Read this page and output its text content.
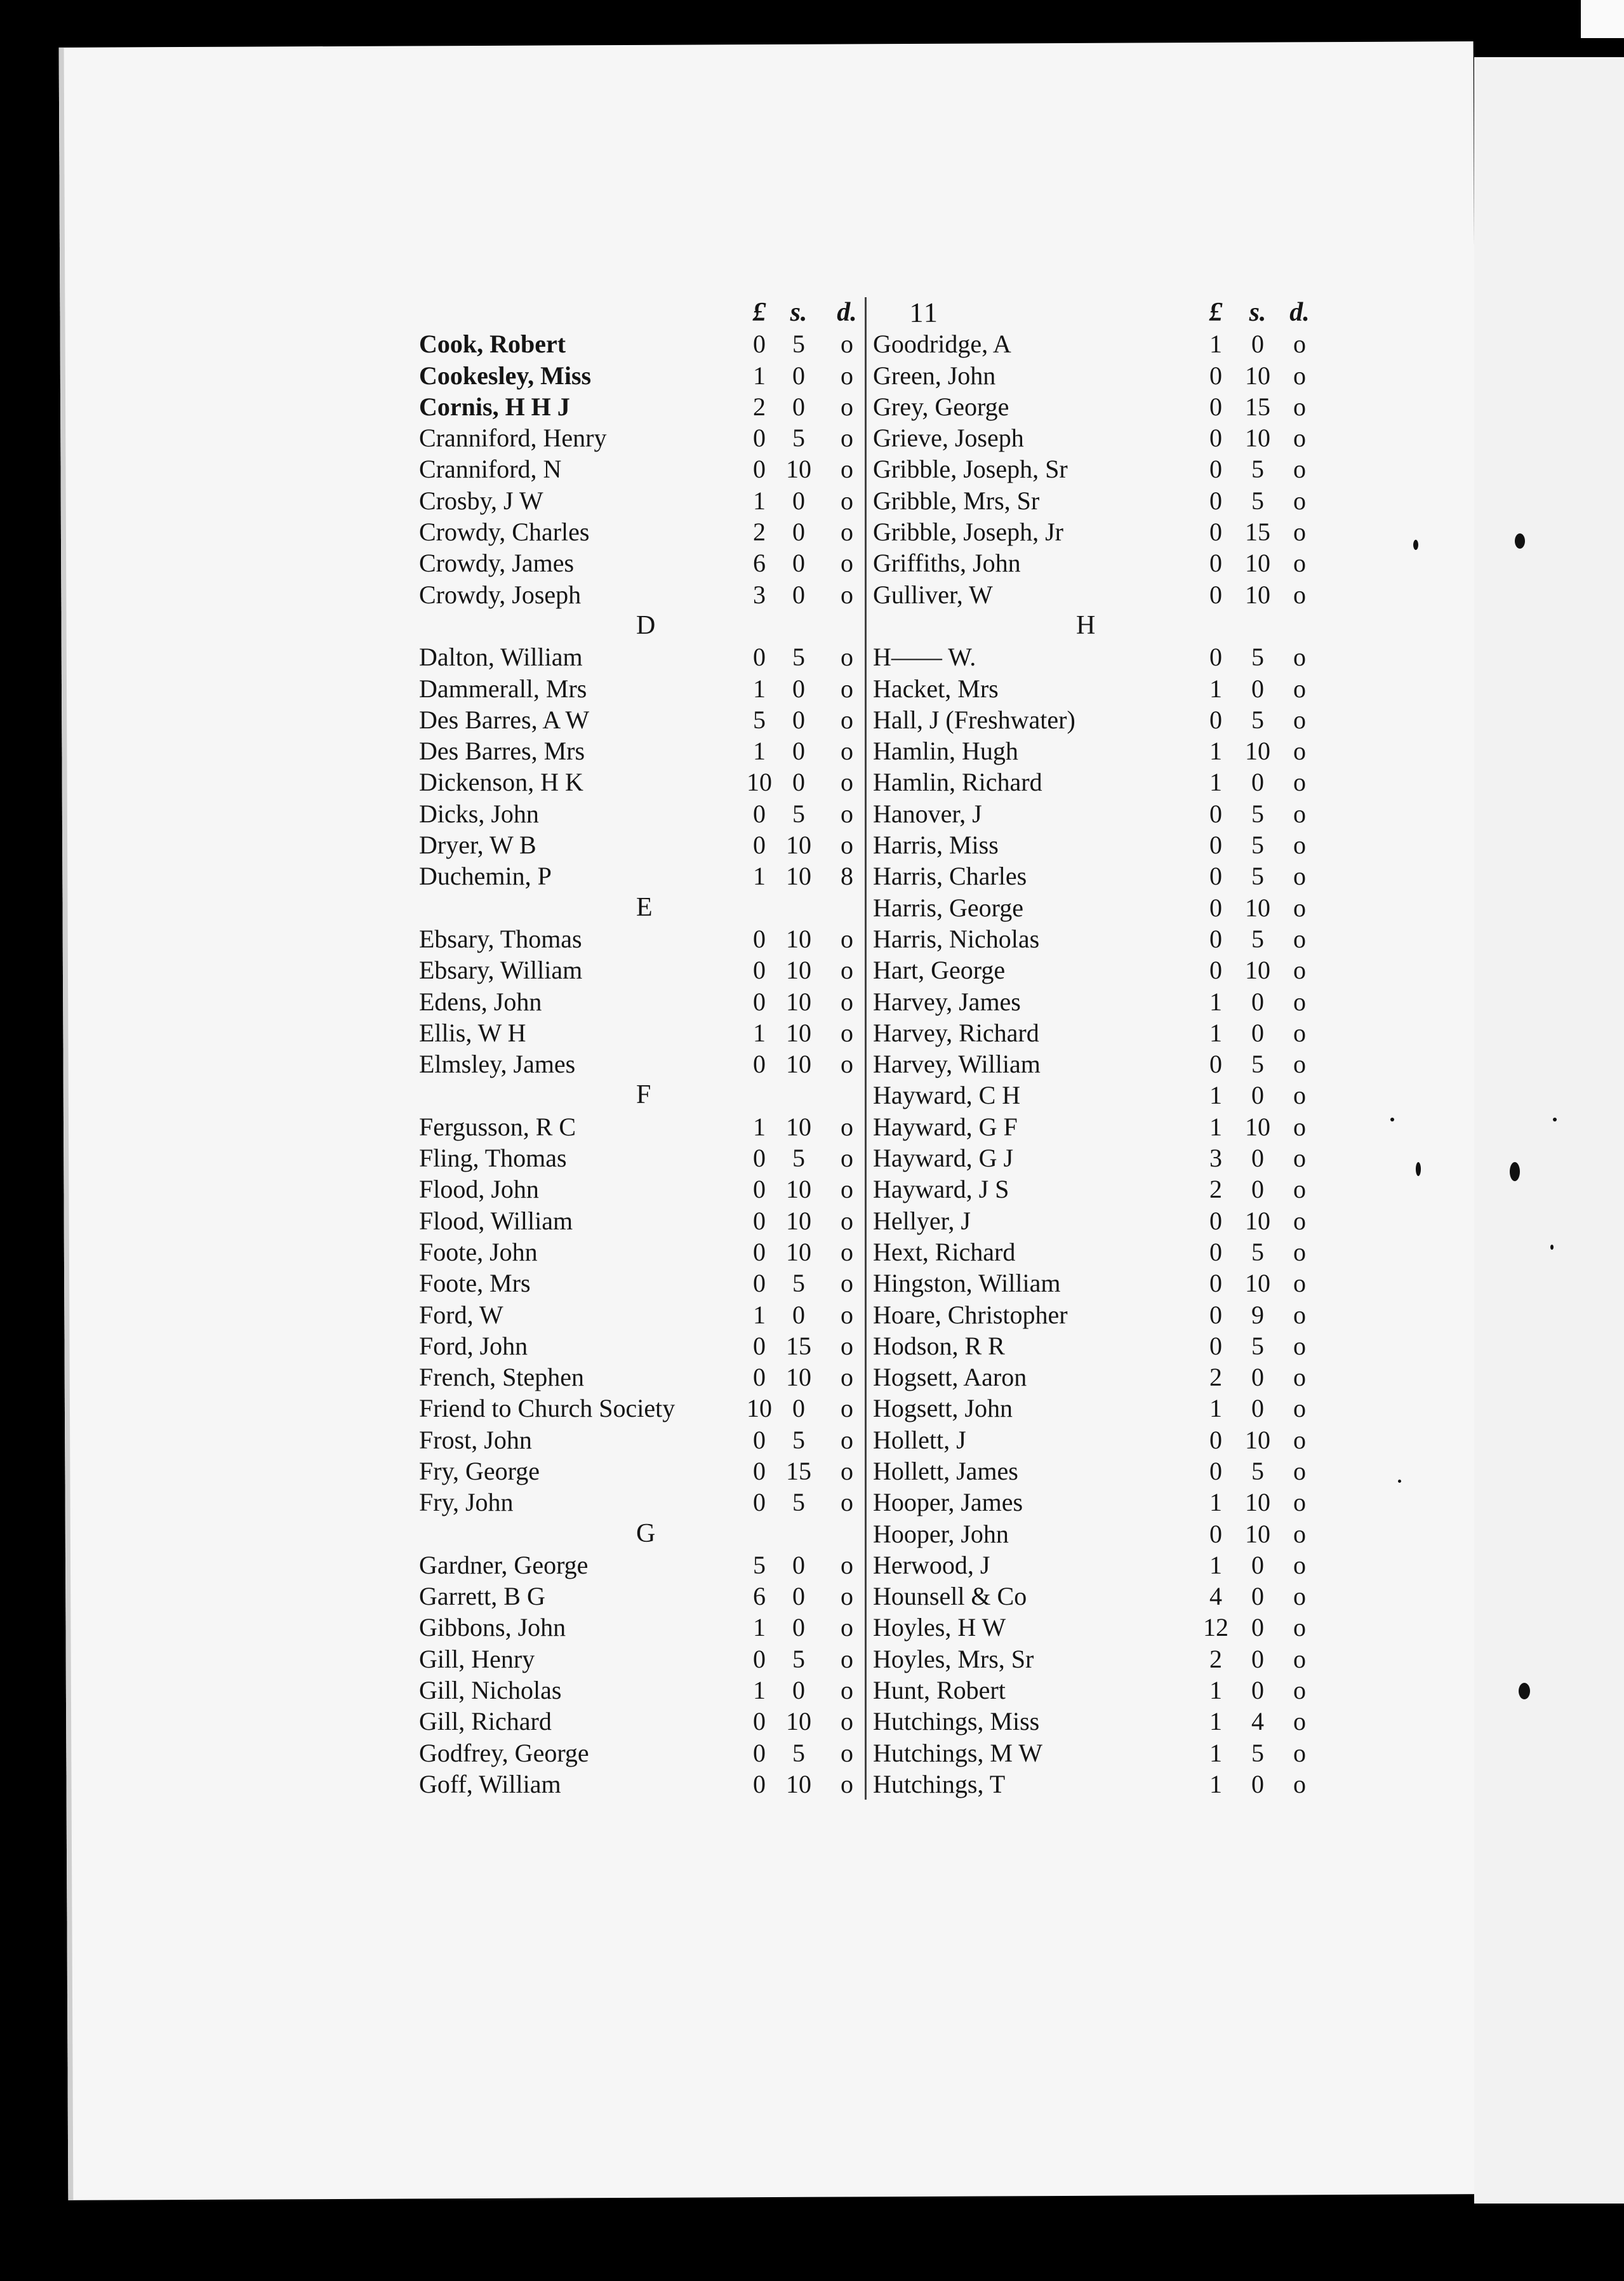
11
£ s.	d.
Cook, Robert	0	5	o
Cookesley, Miss	1	0	o
Cornis, H H J	2	0	o
Cranniford, Henry	0	5	o
Cranniford, N	0 10	o
Crosby, J W	1	0	o
Crowdy, Charles	2	0	o
Crowdy, James	6	0	o
Crowdy, Joseph	3	0	o
D
Dalton, William	0	5	o
Dammerall, Mrs	1	0	o
Des Barres, A W	5	0	o
Des Barres, Mrs	1	0	o
Dickenson, H K	10 0	o
Dicks, John	0	5	o
Dryer, W B	0 10	o
Duchemin, P	1 10	8
E
Ebsary, Thomas	0 10	o
Ebsary, William	0 10	o
Edens, John	0 10	o
Ellis, W H	1 10	o
Elmsley, James	0 10	o
F
Fergusson, R C	1 10	o
Fling, Thomas	0	5	o
Flood, John	0 10	o
Flood, William	0 10	o
Foote, John	0 10	o
Foote, Mrs	0	5	o
Ford, W	1	0	o
Ford, John	0 15	o
French, Stephen	0 10	o
Friend to Church Society	10 0	o
Frost, John	0	5	o
Fry, George	0 15	o
Fry, John	0	5	o
G
Gardner, George	5	0	o
Garrett, B G	6	0	o
Gibbons, John	1	0	o
Gill, Henry	0	5	o
Gill, Nicholas	1	0	o
Gill, Richard	0 10	o
Godfrey, George	0	5	o
Goff, William	0 10	o
£	s. d.
Goodridge, A	1	0	o
Green, John	0 10 o
Grey, George	0 15 o
Grieve, Joseph	0 10 o
Gribble, Joseph, Sr	0	5	o
Gribble, Mrs, Sr	0	5	o
Gribble, Joseph, Jr	0 15 o
Griffiths, John	0 10 o
Gulliver, W	0 10 o
H
H—— W.	0	5	o
Hacket, Mrs	1	0	o
Hall, J (Freshwater)	0	5	o
Hamlin, Hugh	1 10 o
Hamlin, Richard	1	0	o
Hanover, J	0	5	o
Harris, Miss	0	5	o
Harris, Charles	0	5	o
Harris, George	0 10 o
Harris, Nicholas	0	5	o
Hart, George	0 10 o
Harvey, James	1	0	o
Harvey, Richard	1	0	o
Harvey, William	0	5	o
Hayward, C H	1	0	o
Hayward, G F	1 10 o
Hayward, G J	3	0	o
Hayward, J S	2	0	o
Hellyer, J	0 10 o
Hext, Richard	0	5	o
Hingston, William	0 10 o
Hoare, Christopher	0	9	o
Hodson, R R	0	5	o
Hogsett, Aaron	2	0	o
Hogsett, John	1	0	o
Hollett, J	0 10 o
Hollett, James	0	5	o
Hooper, James	1 10 o
Hooper, John	0 10 o
Herwood, J	1	0	o
Hounsell & Co	4	0	o
Hoyles, H W	12 0	o
Hoyles, Mrs, Sr	2	0	o
Hunt, Robert	1	0	o
Hutchings, Miss	1	4	o
Hutchings, M W	1	5	o
Hutchings, T	1	0	o
